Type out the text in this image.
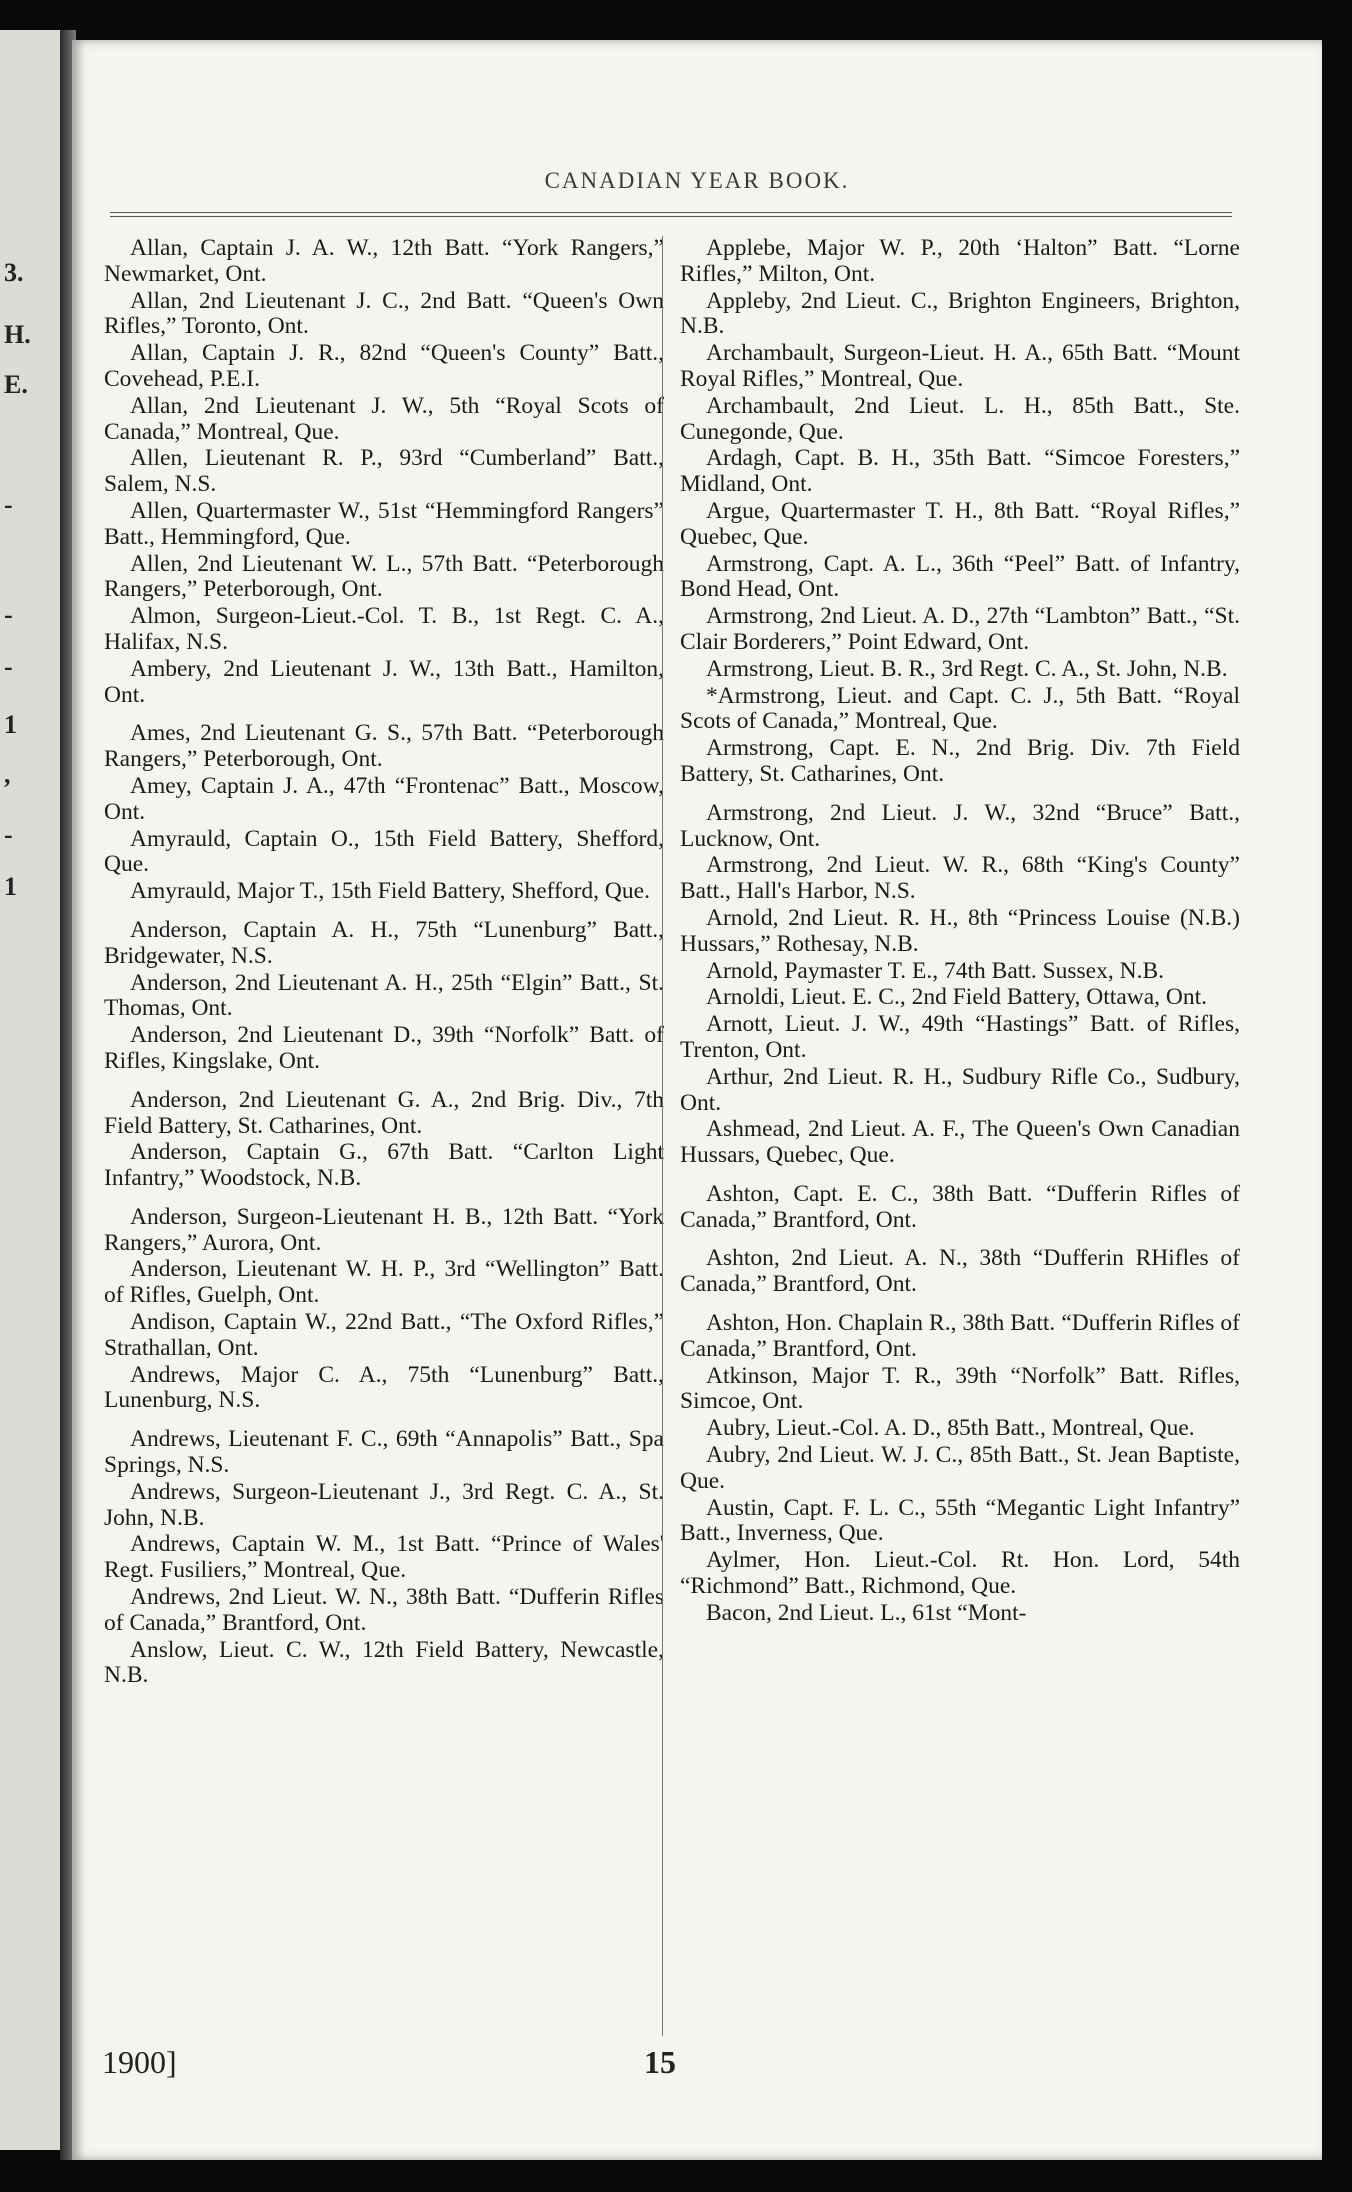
3.
H.
E.
-
-
-
1
,
-
1
CANADIAN YEAR BOOK.

Allan, Captain J. A. W., 12th Batt. “York Rangers,” Newmarket, Ont.

Allan, 2nd Lieutenant J. C., 2nd Batt. “Queen's Own Rifles,” Toronto, Ont.

Allan, Captain J. R., 82nd “Queen's County” Batt., Covehead, P.E.I.

Allan, 2nd Lieutenant J. W., 5th “Royal Scots of Canada,” Montreal, Que.

Allen, Lieutenant R. P., 93rd “Cumberland” Batt., Salem, N.S.

Allen, Quartermaster W., 51st “Hemmingford Rangers” Batt., Hemmingford, Que.

Allen, 2nd Lieutenant W. L., 57th Batt. “Peterborough Rangers,” Peterborough, Ont.

Almon, Surgeon-Lieut.-Col. T. B., 1st Regt. C. A., Halifax, N.S.

Ambery, 2nd Lieutenant J. W., 13th Batt., Hamilton, Ont.

Ames, 2nd Lieutenant G. S., 57th Batt. “Peterborough Rangers,” Peterborough, Ont.

Amey, Captain J. A., 47th “Frontenac” Batt., Moscow, Ont.

Amyrauld, Captain O., 15th Field Battery, Shefford, Que.

Amyrauld, Major T., 15th Field Battery, Shefford, Que.

Anderson, Captain A. H., 75th “Lunenburg” Batt., Bridgewater, N.S.

Anderson, 2nd Lieutenant A. H., 25th “Elgin” Batt., St. Thomas, Ont.

Anderson, 2nd Lieutenant D., 39th “Norfolk” Batt. of Rifles, Kingslake, Ont.

Anderson, 2nd Lieutenant G. A., 2nd Brig. Div., 7th Field Battery, St. Catharines, Ont.

Anderson, Captain G., 67th Batt. “Carlton Light Infantry,” Woodstock, N.B.

Anderson, Surgeon-Lieutenant H. B., 12th Batt. “York Rangers,” Aurora, Ont.

Anderson, Lieutenant W. H. P., 3rd “Wellington” Batt. of Rifles, Guelph, Ont.

Andison, Captain W., 22nd Batt., “The Oxford Rifles,” Strathallan, Ont.

Andrews, Major C. A., 75th “Lunenburg” Batt., Lunenburg, N.S.

Andrews, Lieutenant F. C., 69th “Annapolis” Batt., Spa Springs, N.S.

Andrews, Surgeon-Lieutenant J., 3rd Regt. C. A., St. John, N.B.

Andrews, Captain W. M., 1st Batt. “Prince of Wales' Regt. Fusiliers,” Montreal, Que.

Andrews, 2nd Lieut. W. N., 38th Batt. “Dufferin Rifles of Canada,” Brantford, Ont.

Anslow, Lieut. C. W., 12th Field Battery, Newcastle, N.B.

Applebe, Major W. P., 20th ‘Halton” Batt. “Lorne Rifles,” Milton, Ont.

Appleby, 2nd Lieut. C., Brighton Engineers, Brighton, N.B.

Archambault, Surgeon-Lieut. H. A., 65th Batt. “Mount Royal Rifles,” Montreal, Que.

Archambault, 2nd Lieut. L. H., 85th Batt., Ste. Cunegonde, Que.

Ardagh, Capt. B. H., 35th Batt. “Simcoe Foresters,” Midland, Ont.

Argue, Quartermaster T. H., 8th Batt. “Royal Rifles,” Quebec, Que.

Armstrong, Capt. A. L., 36th “Peel” Batt. of Infantry, Bond Head, Ont.

Armstrong, 2nd Lieut. A. D., 27th “Lambton” Batt., “St. Clair Borderers,” Point Edward, Ont.

Armstrong, Lieut. B. R., 3rd Regt. C. A., St. John, N.B.

*Armstrong, Lieut. and Capt. C. J., 5th Batt. “Royal Scots of Canada,” Montreal, Que.

Armstrong, Capt. E. N., 2nd Brig. Div. 7th Field Battery, St. Catharines, Ont.

Armstrong, 2nd Lieut. J. W., 32nd “Bruce” Batt., Lucknow, Ont.

Armstrong, 2nd Lieut. W. R., 68th “King's County” Batt., Hall's Harbor, N.S.

Arnold, 2nd Lieut. R. H., 8th “Princess Louise (N.B.) Hussars,” Rothesay, N.B.

Arnold, Paymaster T. E., 74th Batt. Sussex, N.B.

Arnoldi, Lieut. E. C., 2nd Field Battery, Ottawa, Ont.

Arnott, Lieut. J. W., 49th “Hastings” Batt. of Rifles, Trenton, Ont.

Arthur, 2nd Lieut. R. H., Sudbury Rifle Co., Sudbury, Ont.

Ashmead, 2nd Lieut. A. F., The Queen's Own Canadian Hussars, Quebec, Que.

Ashton, Capt. E. C., 38th Batt. “Dufferin Rifles of Canada,” Brantford, Ont.

Ashton, 2nd Lieut. A. N., 38th “Dufferin RHifles of Canada,” Brantford, Ont.

Ashton, Hon. Chaplain R., 38th Batt. “Dufferin Rifles of Canada,” Brantford, Ont.

Atkinson, Major T. R., 39th “Norfolk” Batt. Rifles, Simcoe, Ont.

Aubry, Lieut.-Col. A. D., 85th Batt., Montreal, Que.

Aubry, 2nd Lieut. W. J. C., 85th Batt., St. Jean Baptiste, Que.

Austin, Capt. F. L. C., 55th “Megantic Light Infantry” Batt., Inverness, Que.

Aylmer, Hon. Lieut.-Col. Rt. Hon. Lord, 54th “Richmond” Batt., Richmond, Que.

Bacon, 2nd Lieut. L., 61st “Mont-

1900]	15
